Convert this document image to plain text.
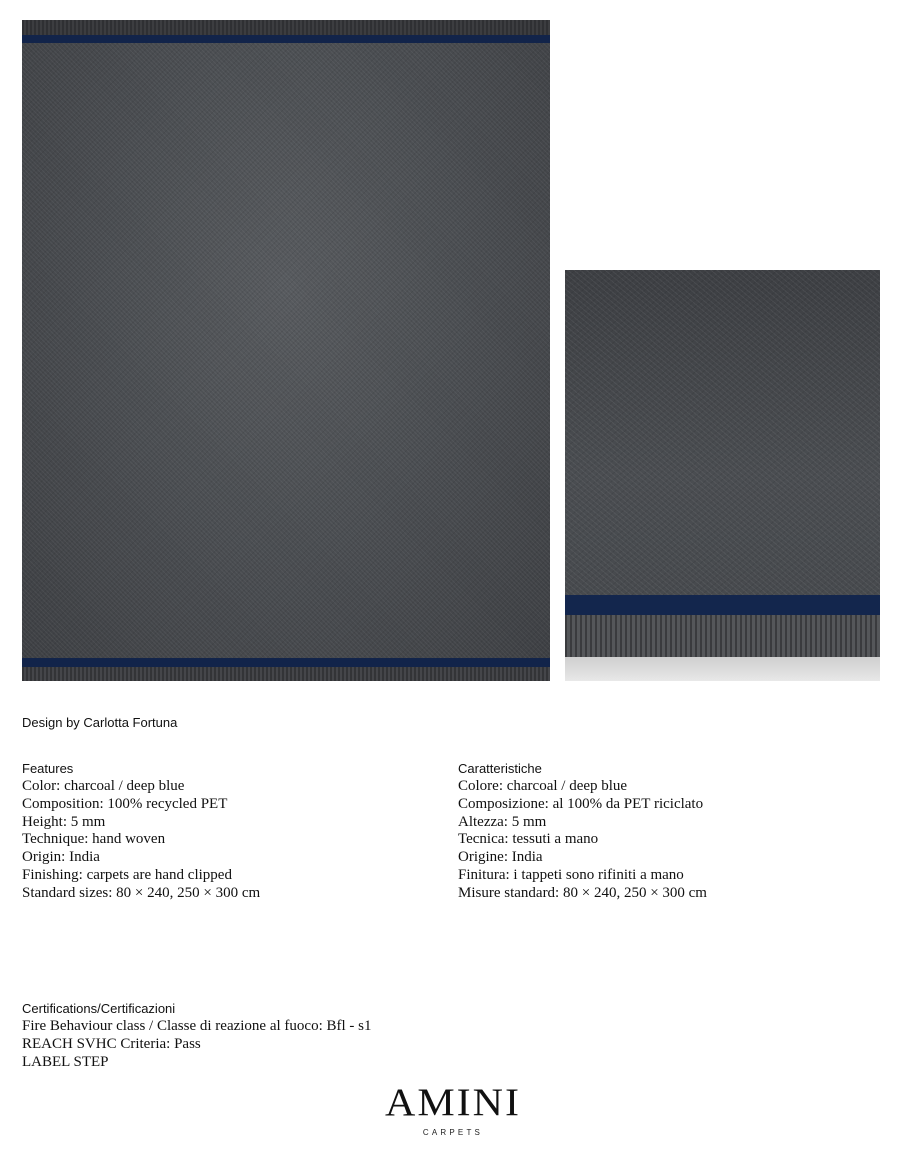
Design by Carlotta Fortuna
Features
Color: charcoal / deep blue
Composition: 100% recycled PET
Height: 5 mm
Technique: hand woven
Origin: India
Finishing: carpets are hand clipped
Standard sizes: 80 × 240, 250 × 300 cm
Caratteristiche
Colore: charcoal / deep blue
Composizione: al 100% da PET riciclato
Altezza: 5 mm
Tecnica: tessuti a mano
Origine: India
Finitura: i tappeti sono rifiniti a mano
Misure standard: 80 × 240, 250 × 300 cm
Certifications/Certificazioni
Fire Behaviour class / Classe di reazione al fuoco: Bfl - s1
REACH SVHC Criteria: Pass
LABEL STEP
AMINI
CARPETS
